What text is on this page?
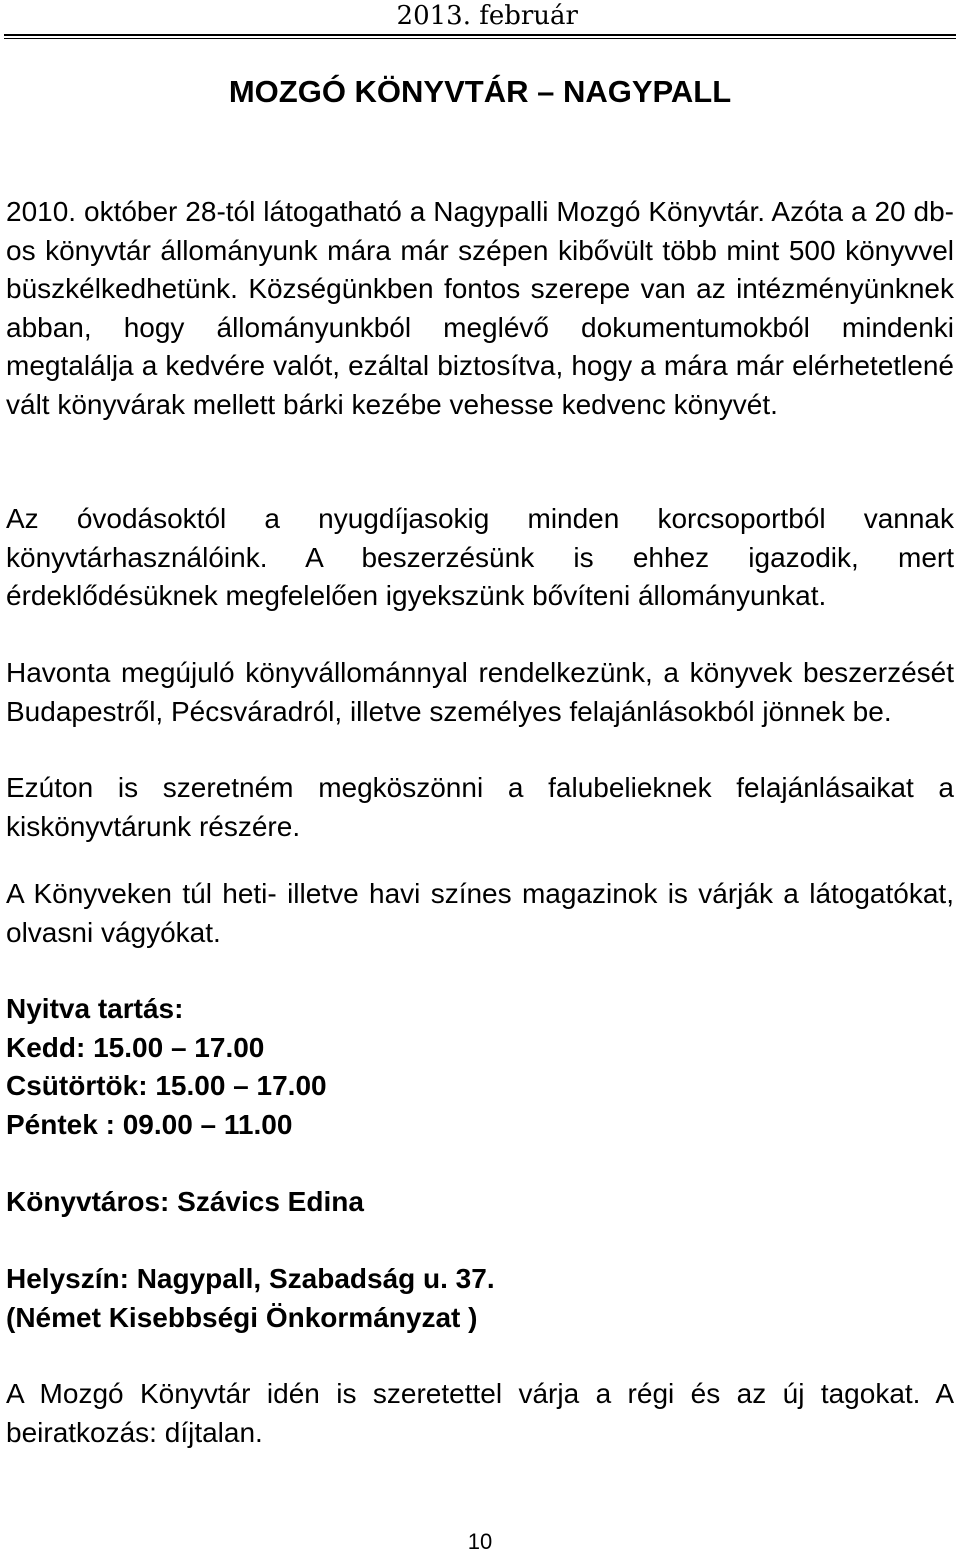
2013. február
MOZGÓ KÖNYVTÁR – NAGYPALL

2010. október 28-tól látogatható a Nagypalli Mozgó Könyvtár. Azóta a 20 db-os könyvtár állományunk mára már szépen kibővült több mint 500 könyvvel büszkélkedhetünk. Községünkben fontos szerepe van az intézményünknek abban, hogy állományunkból meglévő dokumentumokból mindenki megtalálja a kedvére valót, ezáltal biztosítva, hogy a mára már elérhetetlené vált könyvárak mellett bárki kezébe vehesse kedvenc könyvét.

Az óvodásoktól a nyugdíjasokig minden korcsoportból vannak könyvtárhasználóink. A beszerzésünk is ehhez igazodik, mert érdeklődésüknek megfelelően igyekszünk bővíteni állományunkat.

Havonta megújuló könyvállománnyal rendelkezünk, a könyvek beszerzését Budapestről, Pécsváradról, illetve személyes felajánlásokból jönnek be.

Ezúton is szeretném megköszönni a falubelieknek felajánlásaikat a kiskönyvtárunk részére.

A Könyveken túl heti- illetve havi színes magazinok is várják a látogatókat, olvasni vágyókat.

Nyitva tartás:
Kedd: 15.00 – 17.00
Csütörtök: 15.00 – 17.00
Péntek : 09.00 – 11.00
Könyvtáros: Szávics Edina
Helyszín: Nagypall, Szabadság u. 37.
(Német Kisebbségi Önkormányzat )

A Mozgó Könyvtár idén is szeretettel várja a régi és az új tagokat. A beiratkozás: díjtalan.

10
